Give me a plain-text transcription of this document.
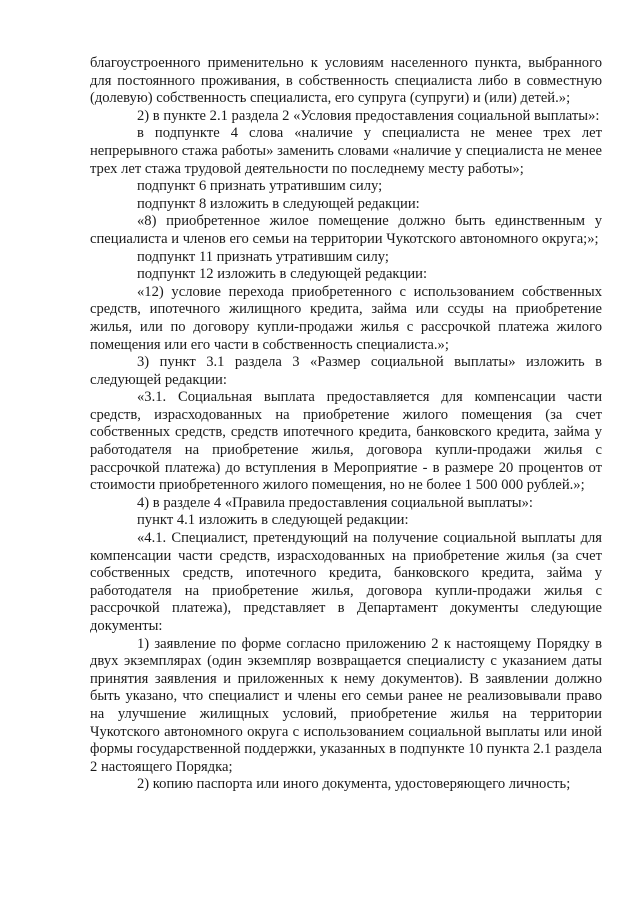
благоустроенного применительно к условиям населенного пункта, выбранного для постоянного проживания, в собственность специалиста либо в совместную (долевую) собственность специалиста, его супруга (супруги) и (или) детей.»;

2) в пункте 2.1 раздела 2 «Условия предоставления социальной выплаты»:

в подпункте 4 слова «наличие у специалиста не менее трех лет непрерывного стажа работы» заменить словами «наличие у специалиста не менее трех лет стажа трудовой деятельности по последнему месту работы»;

подпункт 6 признать утратившим силу;

подпункт 8 изложить в следующей редакции:

«8) приобретенное жилое помещение должно быть единственным у специалиста и членов его семьи на территории Чукотского автономного округа;»;

подпункт 11 признать утратившим силу;

подпункт 12 изложить в следующей редакции:

«12) условие перехода приобретенного с использованием собственных средств, ипотечного жилищного кредита, займа или ссуды на приобретение жилья, или по договору купли-продажи жилья с рассрочкой платежа жилого помещения или его части в собственность специалиста.»;

3) пункт 3.1 раздела 3 «Размер социальной выплаты» изложить в следующей редакции:

«3.1. Социальная выплата предоставляется для компенсации части средств, израсходованных на приобретение жилого помещения (за счет собственных средств, средств ипотечного кредита, банковского кредита, займа у работодателя на приобретение жилья, договора купли-продажи жилья с рассрочкой платежа) до вступления в Мероприятие - в размере 20 процентов от стоимости приобретенного жилого помещения, но не более 1 500 000 рублей.»;

4) в разделе 4 «Правила предоставления социальной выплаты»:

пункт 4.1 изложить в следующей редакции:

«4.1. Специалист, претендующий на получение социальной выплаты для компенсации части средств, израсходованных на приобретение жилья (за счет собственных средств, ипотечного кредита, банковского кредита, займа у работодателя на приобретение жилья, договора купли-продажи жилья с рассрочкой платежа), представляет в Департамент документы следующие документы:

1) заявление по форме согласно приложению 2 к настоящему Порядку в двух экземплярах (один экземпляр возвращается специалисту с указанием даты принятия заявления и приложенных к нему документов). В заявлении должно быть указано, что специалист и члены его семьи ранее не реализовывали право на улучшение жилищных условий, приобретение жилья на территории Чукотского автономного округа с использованием социальной выплаты или иной формы государственной поддержки, указанных в подпункте 10 пункта 2.1 раздела 2 настоящего Порядка;

2) копию паспорта или иного документа, удостоверяющего личность;
